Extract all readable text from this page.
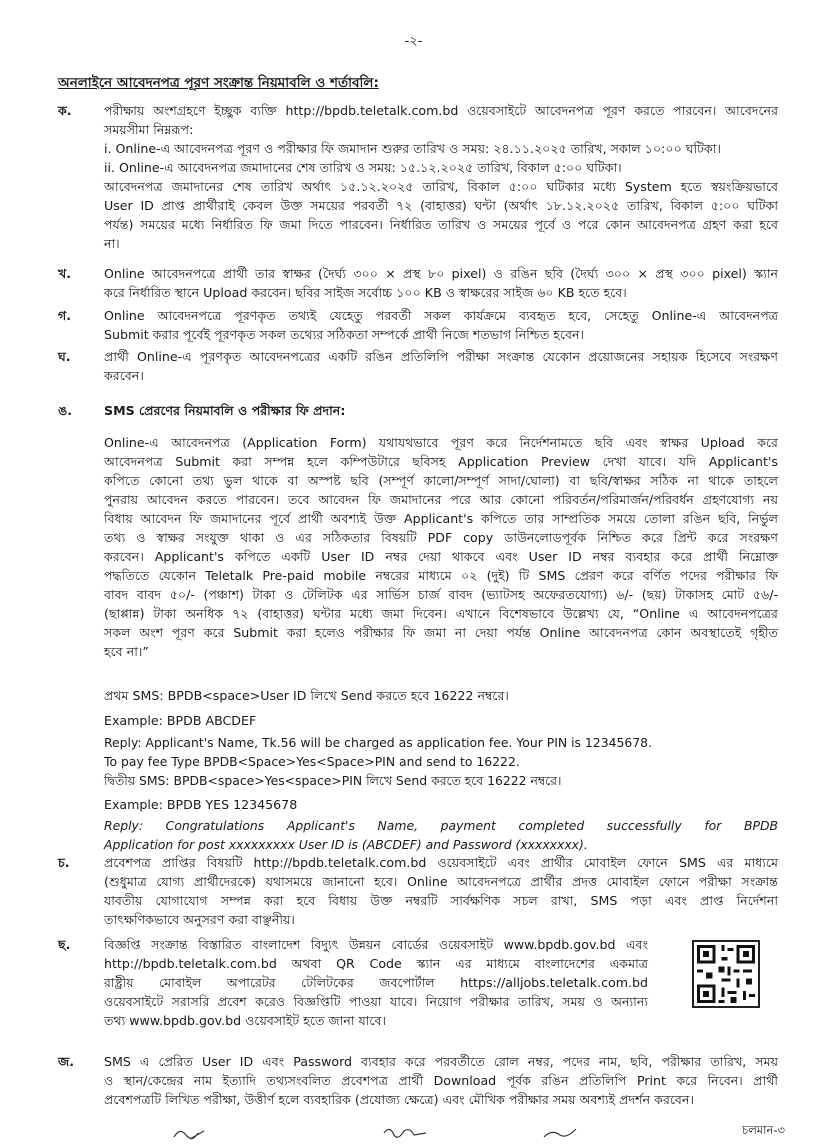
-২-
অনলাইনে আবেদনপত্র পূরণ সংক্রান্ত নিয়মাবলি ও শর্তাবলি:
ক.	পরীক্ষায় অংশগ্রহণে ইচ্ছুক ব্যক্তি http://bpdb.teletalk.com.bd ওয়েবসাইটে আবেদনপত্র পূরণ করতে পারবেন। আবেদনের
সময়সীমা নিম্নরূপ:
i. Online-এ আবেদনপত্র পূরণ ও পরীক্ষার ফি জমাদান শুরুর তারিখ ও সময়: ২৪.১১.২০২৫ তারিখ, সকাল ১০:০০ ঘটিকা।
ii. Online-এ আবেদনপত্র জমাদানের শেষ তারিখ ও সময়: ১৫.১২.২০২৫ তারিখ, বিকাল ৫:০০ ঘটিকা।
আবেদনপত্র জমাদানের শেষ তারিখ অর্থাৎ ১৫.১২.২০২৫ তারিখ, বিকাল ৫:০০ ঘটিকার মধ্যে System হতে স্বয়ংক্রিয়ভাবে
User ID প্রাপ্ত প্রার্থীরাই কেবল উক্ত সময়ের পরবর্তী ৭২ (বাহাত্তর) ঘন্টা (অর্থাৎ ১৮.১২.২০২৫ তারিখ, বিকাল ৫:০০ ঘটিকা
পর্যন্ত) সময়ের মধ্যে নির্ধারিত ফি জমা দিতে পারবেন। নির্ধারিত তারিখ ও সময়ের পূর্বে ও পরে কোন আবেদনপত্র গ্রহণ করা হবে
না।
খ.	Online আবেদনপত্রে প্রার্থী তার স্বাক্ষর (দৈর্ঘ্য ৩০০ × প্রস্থ ৮০ pixel) ও রঙিন ছবি (দৈর্ঘ্য ৩০০ × প্রস্থ ৩০০ pixel) স্ক্যান
করে নির্ধারিত স্থানে Upload করবেন। ছবির সাইজ সর্বোচ্চ ১০০ KB ও স্বাক্ষরের সাইজ ৬০ KB হতে হবে।
গ.	Online আবেদনপত্রে পূরণকৃত তথ্যই যেহেতু পরবর্তী সকল কার্যক্রমে ব্যবহৃত হবে, সেহেতু Online-এ আবেদনপত্র
Submit করার পূর্বেই পূরণকৃত সকল তথ্যের সঠিকতা সম্পর্কে প্রার্থী নিজে শতভাগ নিশ্চিত হবেন।
ঘ.	প্রার্থী Online-এ পূরণকৃত আবেদনপত্রের একটি রঙিন প্রতিলিপি পরীক্ষা সংক্রান্ত যেকোন প্রয়োজনের সহায়ক হিসেবে সংরক্ষণ
করবেন।
ঙ.	SMS প্রেরণের নিয়মাবলি ও পরীক্ষার ফি প্রদান:
Online-এ আবেদনপত্র (Application Form) যথাযথভাবে পূরণ করে নির্দেশনামতে ছবি এবং স্বাক্ষর Upload করে
আবেদনপত্র Submit করা সম্পন্ন হলে কম্পিউটারে ছবিসহ Application Preview দেখা যাবে। যদি Applicant's
কপিতে কোনো তথ্য ভুল থাকে বা অস্পষ্ট ছবি (সম্পূর্ণ কালো/সম্পূর্ণ সাদা/ঘোলা) বা ছবি/স্বাক্ষর সঠিক না থাকে তাহলে
পুনরায় আবেদন করতে পারবেন। তবে আবেদন ফি জমাদানের পরে আর কোনো পরিবর্তন/পরিমার্জন/পরিবর্ধন গ্রহণযোগ্য নয়
বিধায় আবেদন ফি জমাদানের পূর্বে প্রার্থী অবশ্যই উক্ত Applicant's কপিতে তার সাম্প্রতিক সময়ে তোলা রঙিন ছবি, নির্ভুল
তথ্য ও স্বাক্ষর সংযুক্ত থাকা ও এর সঠিকতার বিষয়টি PDF copy ডাউনলোডপূর্বক নিশ্চিত করে প্রিন্ট করে সংরক্ষণ
করবেন। Applicant's কপিতে একটি User ID নম্বর দেয়া থাকবে এবং User ID নম্বর ব্যবহার করে প্রার্থী নিম্নোক্ত
পদ্ধতিতে যেকোন Teletalk Pre-paid mobile নম্বরের মাধ্যমে ০২ (দুই) টি SMS প্রেরণ করে বর্ণিত পদের পরীক্ষার ফি
বাবদ বাবদ ৫০/- (পঞ্চাশ) টাকা ও টেলিটক এর সার্ভিস চার্জ বাবদ (ভ্যাটসহ অফেরতযোগ্য) ৬/- (ছয়) টাকাসহ মোট ৫৬/-
(ছাপ্পান্ন) টাকা অনধিক ৭২ (বাহাত্তর) ঘন্টার মধ্যে জমা দিবেন। এখানে বিশেষভাবে উল্লেখ্য যে, “Online এ আবেদনপত্রের
সকল অংশ পূরণ করে Submit করা হলেও পরীক্ষার ফি জমা না দেয়া পর্যন্ত Online আবেদনপত্র কোন অবস্থাতেই গৃহীত
হবে না।”
প্রথম SMS: BPDB<space>User ID লিখে Send করতে হবে 16222 নম্বরে।
Example: BPDB ABCDEF
Reply: Applicant's Name, Tk.56 will be charged as application fee. Your PIN is 12345678.
To pay fee Type BPDB<Space>Yes<Space>PIN and send to 16222.
দ্বিতীয় SMS: BPDB<space>Yes<space>PIN লিখে Send করতে হবে 16222 নম্বরে।
Example: BPDB YES 12345678
Reply: Congratulations Applicant's Name, payment completed successfully for BPDB
Application for post xxxxxxxxx User ID is (ABCDEF) and Password (xxxxxxxx).
চ.	প্রবেশপত্র প্রাপ্তির বিষয়টি http://bpdb.teletalk.com.bd ওয়েবসাইটে এবং প্রার্থীর মোবাইল ফোনে SMS এর মাধ্যমে
(শুধুমাত্র যোগ্য প্রার্থীদেরকে) যথাসময়ে জানানো হবে। Online আবেদনপত্রে প্রার্থীর প্রদত্ত মোবাইল ফোনে পরীক্ষা সংক্রান্ত
যাবতীয় যোগাযোগ সম্পন্ন করা হবে বিধায় উক্ত নম্বরটি সার্বক্ষণিক সচল রাখা, SMS পড়া এবং প্রাপ্ত নির্দেশনা
তাৎক্ষণিকভাবে অনুসরণ করা বাঞ্ছনীয়।
ছ.	বিজ্ঞপ্তি সংক্রান্ত বিস্তারিত বাংলাদেশ বিদ্যুৎ উন্নয়ন বোর্ডের ওয়েবসাইট www.bpdb.gov.bd এবং
http://bpdb.teletalk.com.bd অথবা QR Code স্ক্যান এর মাধ্যমে বাংলাদেশের একমাত্র
রাষ্ট্রীয় মোবাইল অপারেটর টেলিটকের জবপোর্টাল https://alljobs.teletalk.com.bd
ওয়েবসাইটে সরাসরি প্রবেশ করেও বিজ্ঞপ্তিটি পাওয়া যাবে। নিয়োগ পরীক্ষার তারিখ, সময় ও অন্যান্য
তথ্য www.bpdb.gov.bd ওয়েবসাইট হতে জানা যাবে।
জ.	SMS এ প্রেরিত User ID এবং Password ব্যবহার করে পরবর্তীতে রোল নম্বর, পদের নাম, ছবি, পরীক্ষার তারিখ, সময়
ও স্থান/কেন্দ্রের নাম ইত্যাদি তথ্যসংবলিত প্রবেশপত্র প্রার্থী Download পূর্বক রঙিন প্রতিলিপি Print করে নিবেন। প্রার্থী
প্রবেশপত্রটি লিখিত পরীক্ষা, উত্তীর্ণ হলে ব্যবহারিক (প্রযোজ্য ক্ষেত্রে) এবং মৌখিক পরীক্ষার সময় অবশ্যই প্রদর্শন করবেন।
চলমান-৩
